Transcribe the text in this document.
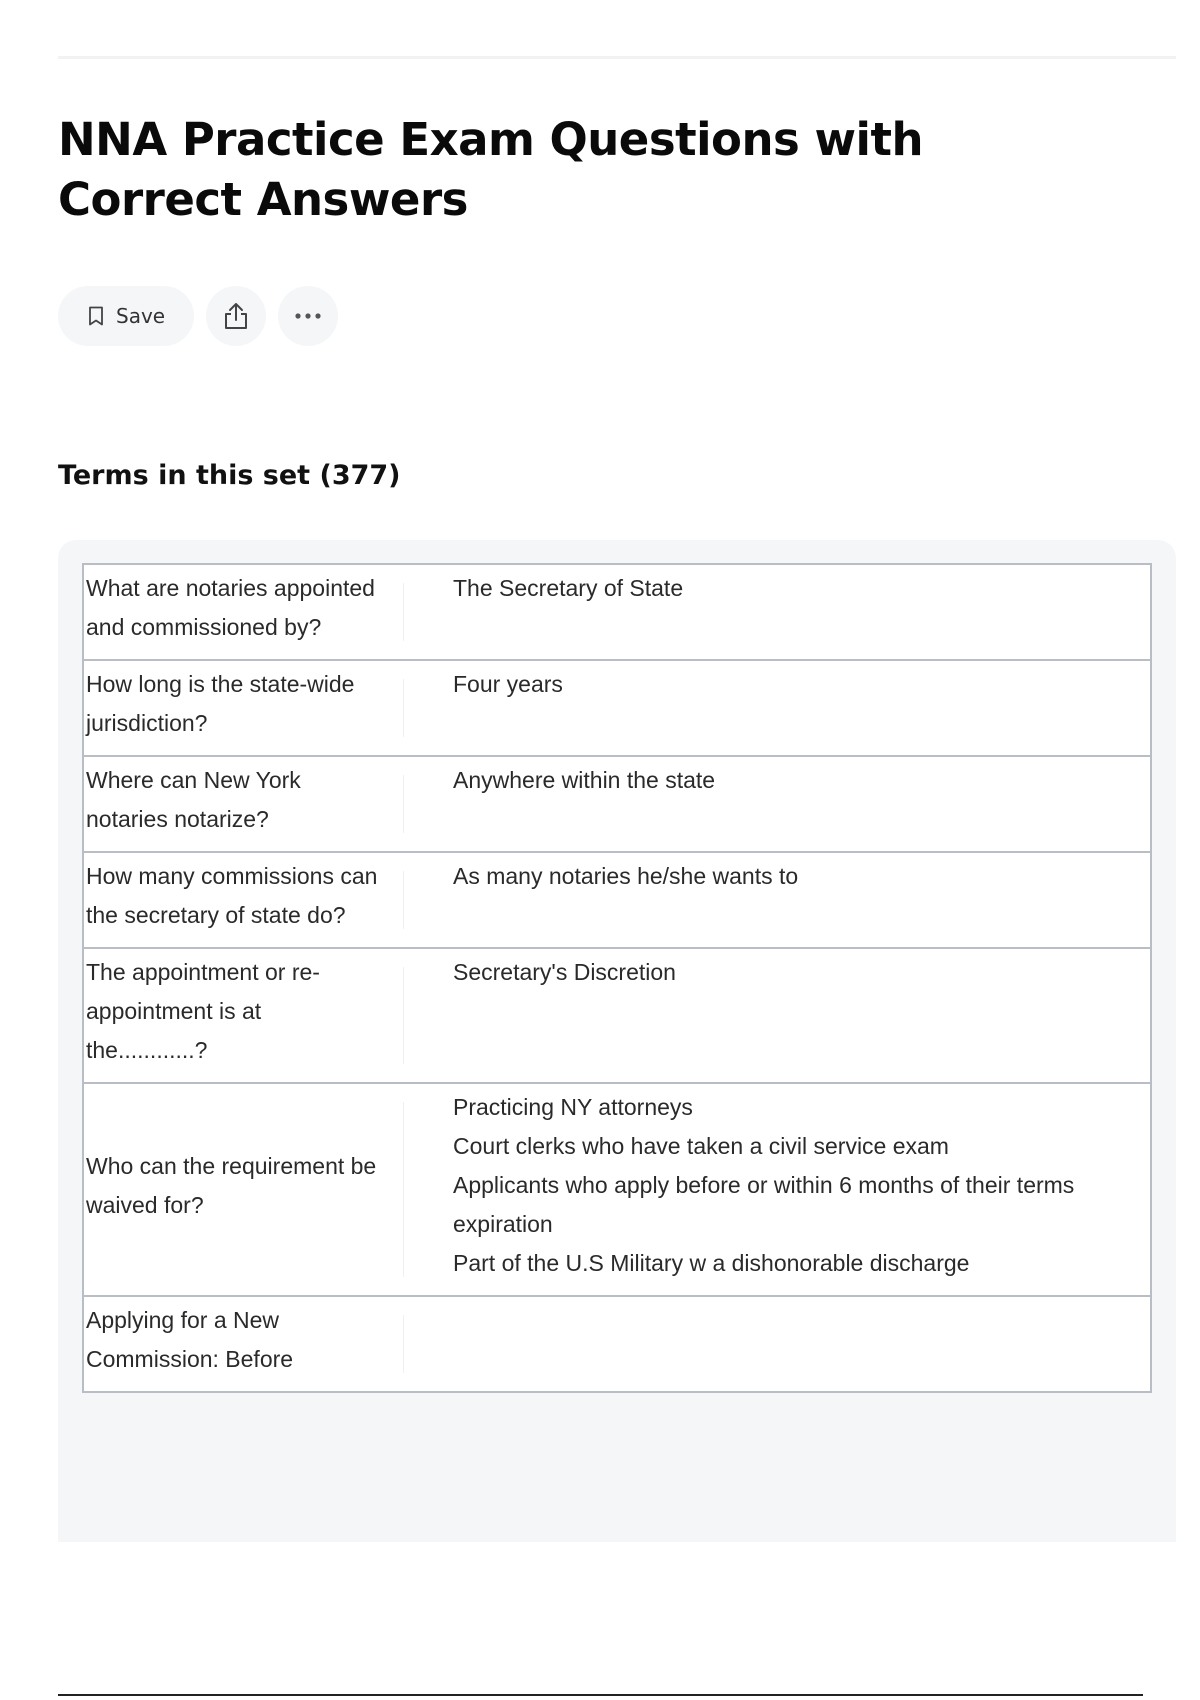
NNA Practice Exam Questions with Correct Answers
Save
Terms in this set (377)
What are notaries appointed and commissioned by?	The Secretary of State

How long is the state-wide jurisdiction?	Four years

Where can New York notaries notarize?	Anywhere within the state

How many commissions can the secretary of state do?	As many notaries he/she wants to

The appointment or re-appointment is at the............?	Secretary's Discretion

Who can the requirement be waived for?	Practicing NY attorneys
Court clerks who have taken a civil service exam
Applicants who apply before or within 6 months of their terms expiration
Part of the U.S Military w a dishonorable discharge

Applying for a New Commission: Before	
